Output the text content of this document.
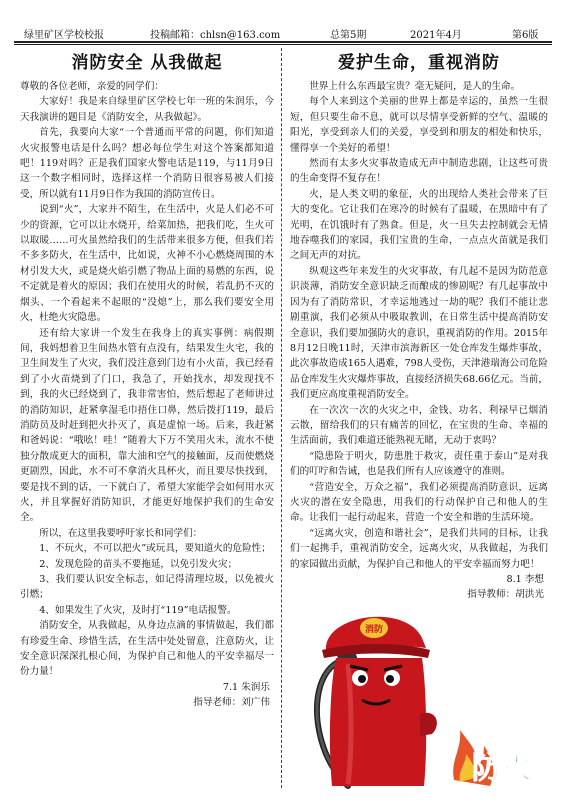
绿里矿区学校校报	投稿邮箱：chlsn@163.com	总第5期	2021年4月	第6版
消防安全 从我做起

尊敬的各位老师，亲爱的同学们：

大家好！我是来自绿里矿区学校七年一班的朱润乐，今天我演讲的题目是《消防安全，从我做起》。

首先，我要向大家“一个普通而平常的问题，你们知道火灾报警电话是什么吗？想必每位学生对这个答案都知道吧！119对吗？正是我们国家火警电话是119，与11月9日这一个数字相同时，选择这样一个消防日很容易被人们接受，所以就有11月9日作为我国的消防宣传日。

说到“火”，大家并不陌生，在生活中，火是人们必不可少的资源，它可以让水烧开，给菜加热，把我们吃，生火可以取暖……可火虽然给我们的生活带来很多方便，但我们若不多多防火，在生活中，比如说，火神不小心燃烧周围的木材引发大火，或是烧火焰引燃了物品上面的易燃的东西，说不定就是着火的原因；我们在使用火的时候，若乱扔不灭的烟头、一个看起来不起眼的“没熄”上，那么我们要安全用火，杜绝火灾隐患。

还有给大家讲一个发生在我身上的真实事例：病假期间，我妈想着卫生间热水管有点没有，结果发生火宅，我的卫生间发生了火灾，我们没注意到门边有小火苗，我已经看到了小火苗烧到了门口，我急了，开始找水，却发现找不到，我的火已经烧到了，我非常害怕，然后想起了老师讲过的消防知识，赶紧拿湿毛巾捂住口鼻，然后拨打119，最后消防员及时赶到把火扑灭了，真是虚惊一场。后来，我赶紧和爸妈说：“哦吆！哇！”随着大下万不笑用火未，流水不使独分散成更大的面积，靠大油和空气的接触面，反而使燃烧更剧烈，因此，水不可不拿消火具杯火，而且要尽快找到，要是找不到的话，一下就白了，希望大家能学会如何用水灭火，并且掌握好消防知识，才能更好地保护我们的生命安全。

所以，在这里我要呼吁家长和同学们：

1、不玩火，不可以把火”或玩具，要知道火的危险性；

2、发现危险的苗头不要拖延，以免引发火灾；

3、我们要认识安全标志，如记得清理垃圾，以免被火引燃；

4、如果发生了火灾，及时打“119”电话报警。

消防安全，从我做起，从身边点滴的事情做起，我们都有珍爱生命、珍惜生活，在生活中处处留意，注意防火，让安全意识深深扎根心间，为保护自己和他人的平安幸福尽一份力量！

7.1 朱润乐

指导老师：刘广伟

爱护生命，重视消防

世界上什么东西最宝贵？毫无疑问，是人的生命。

每个人来到这个美丽的世界上都是幸运的，虽然一生很短，但只要生命不息，就可以尽情享受新鲜的空气、温暖的阳光，享受到亲人们的关爱，享受到和朋友的相处和快乐，懂得享一个美好的希望！

然而有太多火灾事故造成无声中制造悲剧，让这些可贵的生命变得不复存在！

火，是人类文明的象征，火的出现给人类社会带来了巨大的变化。它让我们在寒冷的时候有了温暖，在黑暗中有了光明，在饥饿时有了熟食。但是，火一旦失去控制就会无情地吞噬我们的家园，我们宝贵的生命，一点点火苗就是我们之间无声的对抗。

纵观这些年来发生的火灾事故，有几起不是因为防范意识淡薄，消防安全意识缺乏而酿成的惨剧呢？有几起事故中因为有了消防常识，才幸运地逃过一劫的呢？我们不能让悲剧重演，我们必须从中吸取教训，在日常生活中提高消防安全意识，我们要加强防火的意识，重视消防的作用。2015年8月12日晚11时，天津市滨海新区一处仓库发生爆炸事故，此次事故造成165人遇难，798人受伤，天津港瑞海公司危险品仓库发生火灾爆炸事故，直接经济损失68.66亿元。当前，我们更应高度重视消防安全。

在一次次一次的火灾之中，金钱、功名、利禄早已烟消云散，留给我们的只有痛苦的回忆，在宝贵的生命、幸福的生活面前，我们难道还能熟视无睹，无动于衷吗？

“隐患险于明火，防患胜于救灾，责任重于泰山”是对我们的叮咛和告诫，也是我们所有人应该遵守的准则。

“营造安全，万众之福”，我们必须提高消防意识，远离火灾的潜在安全隐患，用我们的行动保护自己和他人的生命。让我们一起行动起来，营造一个安全和谐的生活环境。

“远离火灾，创造和谐社会”，是我们共同的目标，让我们一起携手，重视消防安全，远离火灾，从我做起，为我们的家园做出贡献，为保护自己和他人的平安幸福而努力吧！

8.1 李想

指导教师：胡洪光

消防
防火
